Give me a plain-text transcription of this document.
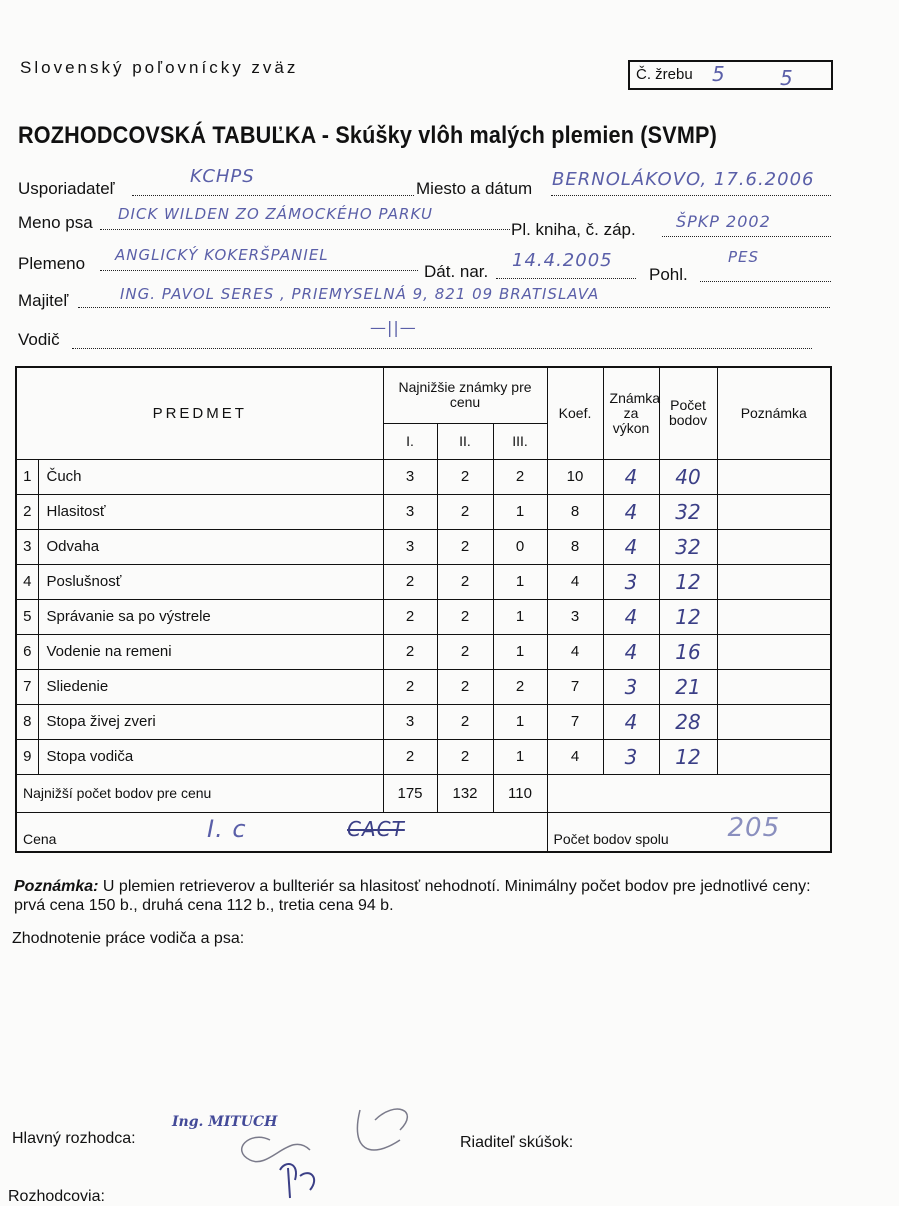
Slovenský poľovnícky zväz	Č. žrebu 5	5
ROZHODCOVSKÁ TABUĽKA - Skúšky vlôh malých plemien (SVMP)
Usporiadateľ
KCHPS
Miesto a dátum BERNOLÁKOVO, 17.6.2006
Meno psa DICK WILDEN ZO ZÁMOCKÉHO PARKU
Pl. kniha, č. záp.	ŠPKP 2002
Plemeno ANGLICKÝ KOKERŠPANIEL
Dát. nar.
14.4.2005
Pohl.
PES
Majiteľ	ING. PAVOL SERES , PRIEMYSELNÁ 9, 821 09 BRATISLAVA
Vodič
—||—
PREDMET		Najnižšie známky pre cenu			Koef.	Známka za výkon	Počet bodov	Poznámka
		I.	II.	III.				
1	Čuch	3	2	2	10	4	40	
2	Hlasitosť	3	2	1	8	4	32	
3	Odvaha	3	2	0	8	4	32	
4	Poslušnosť	2	2	1	4	3	12	
5	Správanie sa po výstrele	2	2	1	3	4	12	
6	Vodenie na remeni	2	2	1	4	4	16	
7	Sliedenie	2	2	2	7	3	21	
8	Stopa živej zveri	3	2	1	7	4	28	
9	Stopa vodiča	2	2	1	4	3	12	
Najnižší počet bodov pre cenu		175	132	110				
Cena I. c CACT					Počet bodov spolu 205			
Poznámka: U plemien retrieverov a bullteriér sa hlasitosť nehodnotí. Minimálny počet bodov pre jednotlivé ceny: prvá cena 150 b., druhá cena 112 b., tretia cena 94 b.
Zhodnotenie práce vodiča a psa:
Hlavný rozhodca:
Ing. MITUCH
Riaditeľ skúšok:
Rozhodcovia:
